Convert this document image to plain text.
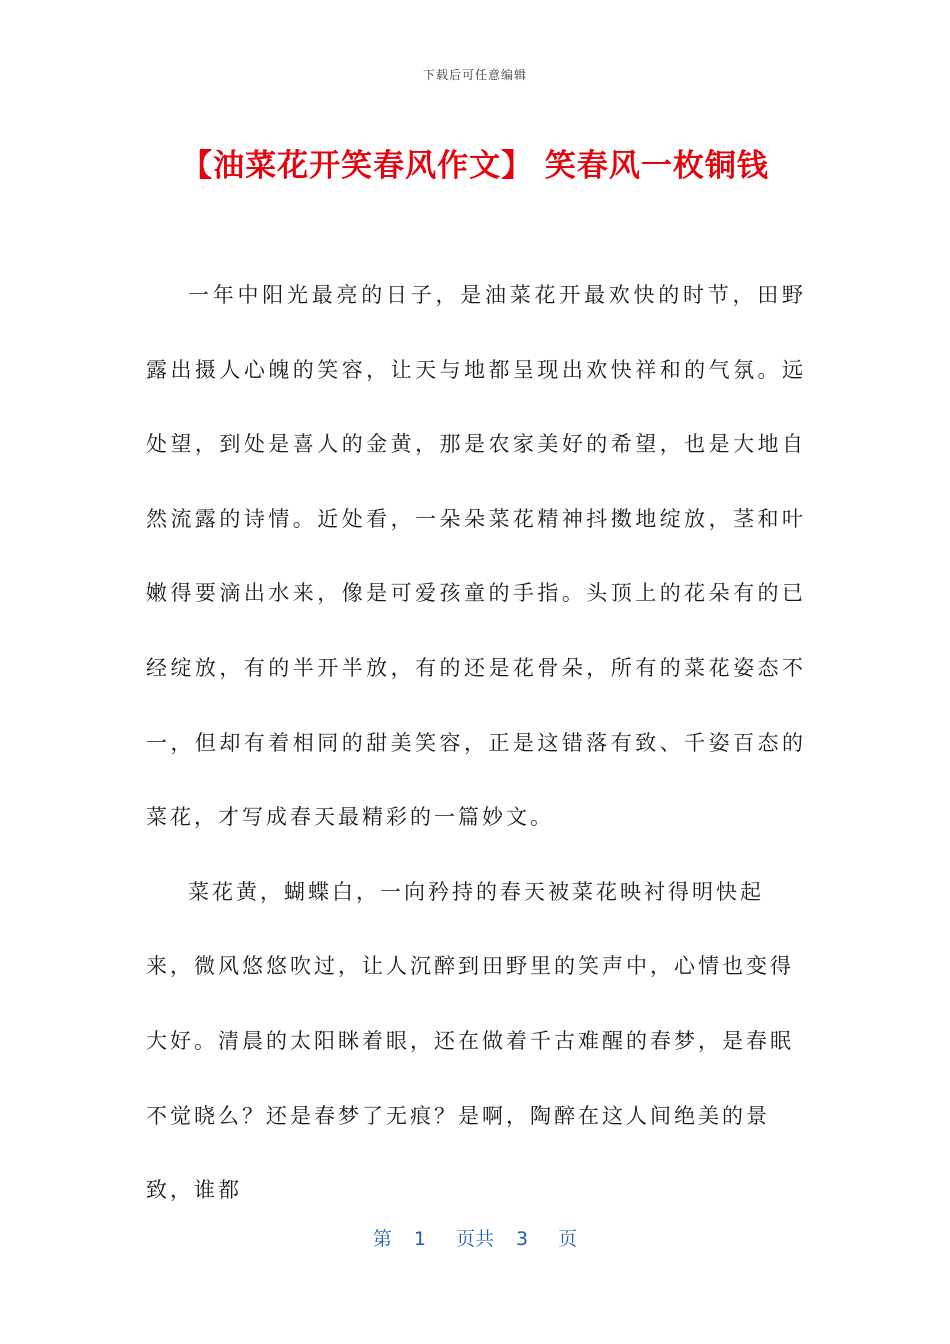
下载后可任意编辑
【油菜花开笑春风作文】 笑春风一枚铜钱

一年中阳光最亮的日子，是油菜花开最欢快的时节，田野露出摄人心魄的笑容，让天与地都呈现出欢快祥和的气氛。远处望，到处是喜人的金黄，那是农家美好的希望，也是大地自然流露的诗情。近处看，一朵朵菜花精神抖擞地绽放，茎和叶嫩得要滴出水来，像是可爱孩童的手指。头顶上的花朵有的已经绽放，有的半开半放，有的还是花骨朵，所有的菜花姿态不一，但却有着相同的甜美笑容，正是这错落有致、千姿百态的菜花，才写成春天最精彩的一篇妙文。

菜花黄，蝴蝶白，一向矜持的春天被菜花映衬得明快起来，微风悠悠吹过，让人沉醉到田野里的笑声中，心情也变得大好。清晨的太阳眯着眼，还在做着千古难醒的春梦，是春眠不觉晓么？还是春梦了无痕？是啊，陶醉在这人间绝美的景致，谁都

第 1 页共 3 页
